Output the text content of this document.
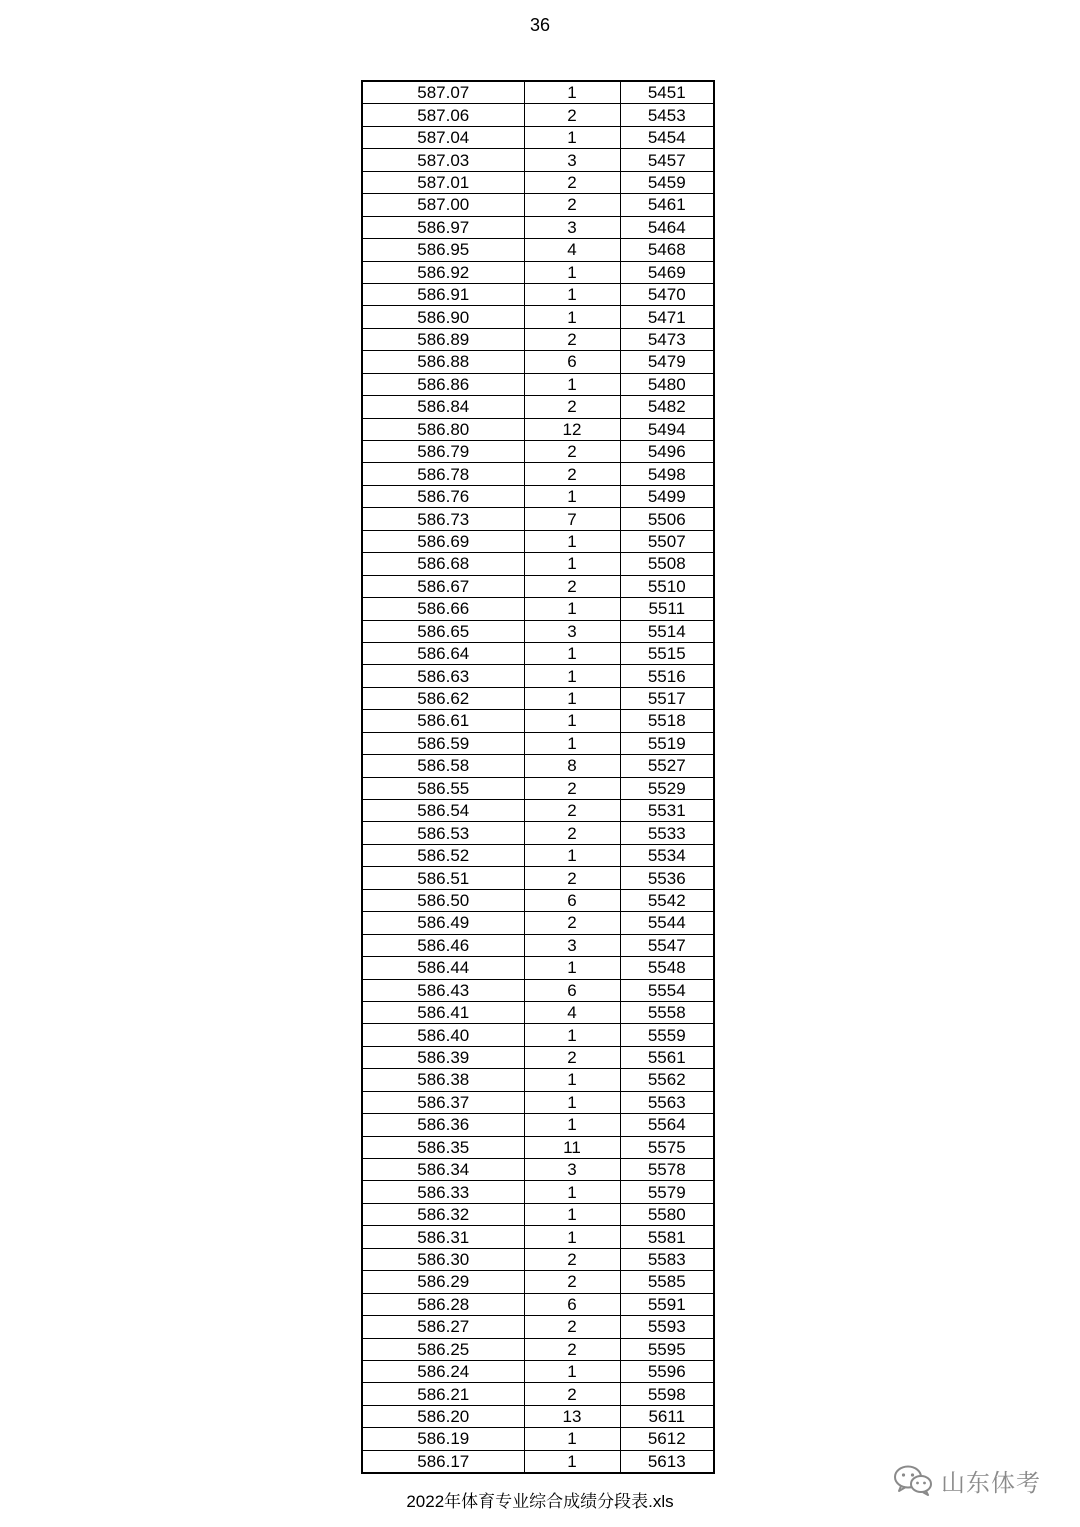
36
587.07	1	5451
587.06	2	5453
587.04	1	5454
587.03	3	5457
587.01	2	5459
587.00	2	5461
586.97	3	5464
586.95	4	5468
586.92	1	5469
586.91	1	5470
586.90	1	5471
586.89	2	5473
586.88	6	5479
586.86	1	5480
586.84	2	5482
586.80	12	5494
586.79	2	5496
586.78	2	5498
586.76	1	5499
586.73	7	5506
586.69	1	5507
586.68	1	5508
586.67	2	5510
586.66	1	5511
586.65	3	5514
586.64	1	5515
586.63	1	5516
586.62	1	5517
586.61	1	5518
586.59	1	5519
586.58	8	5527
586.55	2	5529
586.54	2	5531
586.53	2	5533
586.52	1	5534
586.51	2	5536
586.50	6	5542
586.49	2	5544
586.46	3	5547
586.44	1	5548
586.43	6	5554
586.41	4	5558
586.40	1	5559
586.39	2	5561
586.38	1	5562
586.37	1	5563
586.36	1	5564
586.35	11	5575
586.34	3	5578
586.33	1	5579
586.32	1	5580
586.31	1	5581
586.30	2	5583
586.29	2	5585
586.28	6	5591
586.27	2	5593
586.25	2	5595
586.24	1	5596
586.21	2	5598
586.20	13	5611
586.19	1	5612
586.17	1	5613
山东体考
2022年体育专业综合成绩分段表.xls
